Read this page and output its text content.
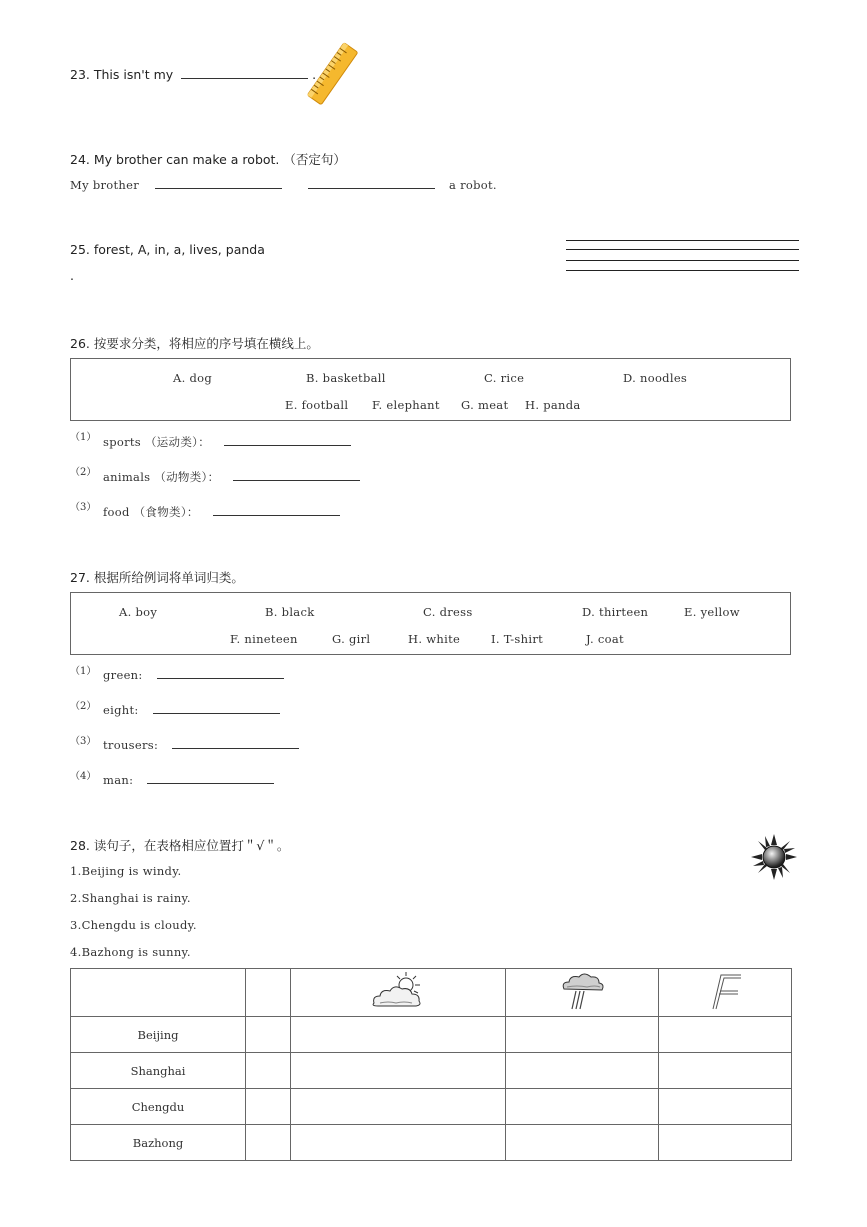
23. This isn't my	.
24. My brother can make a robot. （否定句）
My brother	a robot.
25. forest, A, in, a, lives, panda
.
26. 按要求分类，将相应的序号填在横线上。
A. dog	B. basketball	C. rice	D. noodles
E. football F. elephant G. meat H. panda
（1） sports （运动类）：
（2） animals （动物类）：
（3） food （食物类）：
27. 根据所给例词将单词归类。
A. boy	B. black	C. dress	D. thirteen	E. yellow
F. nineteen	G. girl	H. white	I. T-shirt	J. coat
（1） green:
（2） eight:
（3） trousers:
（4） man:
28. 读句子，在表格相应位置打＂√＂。
1.Beijing is windy.
2.Shanghai is rainy.
3.Chengdu is cloudy.
4.Bazhong is sunny.

Beijing				
Shanghai				
Chengdu				
Bazhong				
